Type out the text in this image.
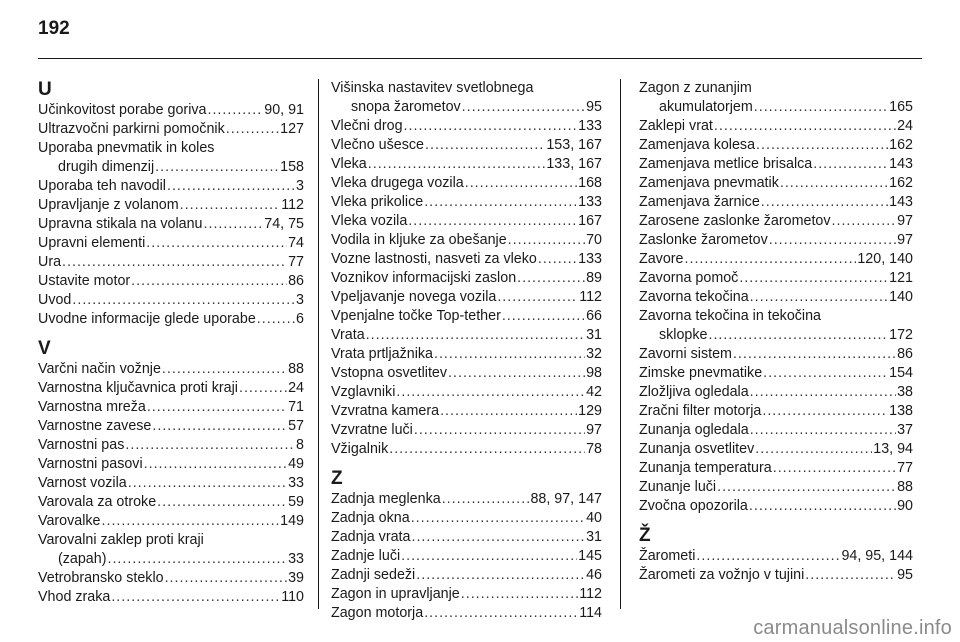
192
U
Učinkovitost porabe goriva .....	90, 91
Ultrazvočni parkirni pomočnik .....	127
Uporaba pnevmatik in koles
drugih dimenzij .....	158
Uporaba teh navodil .....	3
Upravljanje z volanom .....	112
Upravna stikala na volanu .....	74, 75
Upravni elementi .....	74
Ura .....	77
Ustavite motor .....	86
Uvod .....	3
Uvodne informacije glede uporabe .....	6
V
Varčni način vožnje .....	88
Varnostna ključavnica proti kraji .....	24
Varnostna mreža .....	71
Varnostne zavese .....	57
Varnostni pas .....	8
Varnostni pasovi .....	49
Varnost vozila .....	33
Varovala za otroke .....	59
Varovalke .....	149
Varovalni zaklep proti kraji
(zapah) .....	33
Vetrobransko steklo .....	39
Vhod zraka .....	110
Višinska nastavitev svetlobnega
snopa žarometov .....	95
Vlečni drog .....	133
Vlečno ušesce .....	153, 167
Vleka .....	133, 167
Vleka drugega vozila .....	168
Vleka prikolice .....	133
Vleka vozila .....	167
Vodila in kljuke za obešanje .....	70
Vozne lastnosti, nasveti za vleko .....	133
Voznikov informacijski zaslon .....	89
Vpeljavanje novega vozila .....	112
Vpenjalne točke Top-tether .....	66
Vrata .....	31
Vrata prtljažnika .....	32
Vstopna osvetlitev .....	98
Vzglavniki .....	42
Vzvratna kamera .....	129
Vzvratne luči .....	97
Vžigalnik .....	78
Z
Zadnja meglenka .....	88, 97, 147
Zadnja okna .....	40
Zadnja vrata .....	31
Zadnje luči .....	145
Zadnji sedeži .....	46
Zagon in upravljanje .....	112
Zagon motorja .....	114
Zagon z zunanjim
akumulatorjem .....	165
Zaklepi vrat .....	24
Zamenjava kolesa .....	162
Zamenjava metlice brisalca .....	143
Zamenjava pnevmatik .....	162
Zamenjava žarnice .....	143
Zarosene zaslonke žarometov .....	97
Zaslonke žarometov .....	97
Zavore .....	120, 140
Zavorna pomoč .....	121
Zavorna tekočina .....	140
Zavorna tekočina in tekočina
sklopke .....	172
Zavorni sistem .....	86
Zimske pnevmatike .....	154
Zložljiva ogledala .....	38
Zračni filter motorja .....	138
Zunanja ogledala .....	37
Zunanja osvetlitev .....	13, 94
Zunanja temperatura .....	77
Zunanje luči .....	88
Zvočna opozorila .....	90
Ž
Žarometi .....	94, 95, 144
Žarometi za vožnjo v tujini .....	95
carmanualsonline.info
